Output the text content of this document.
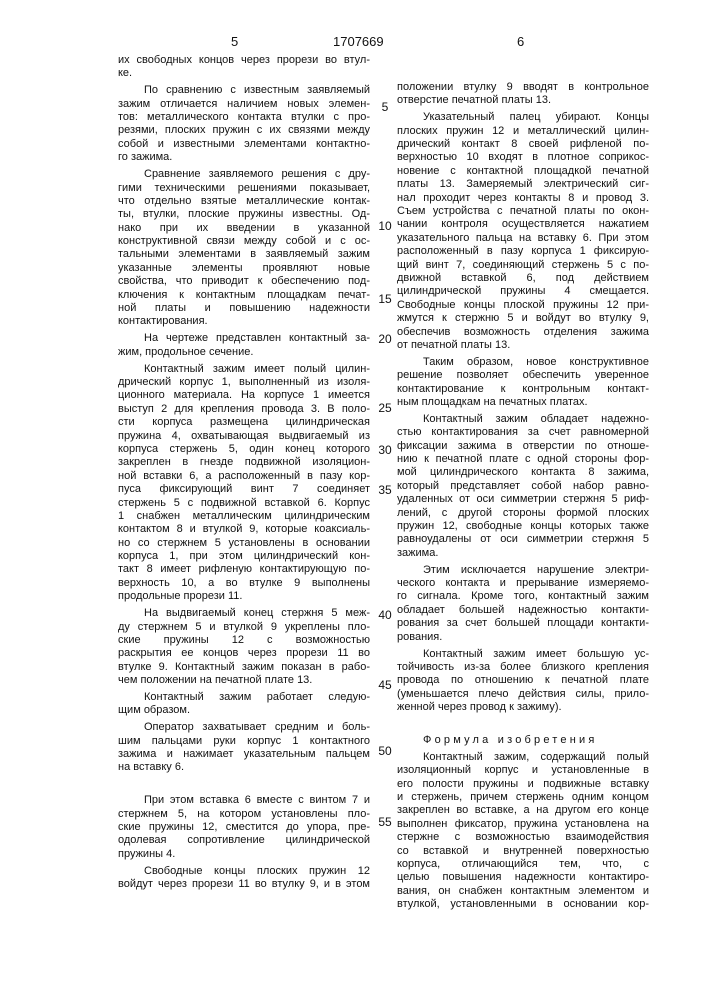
5	1707669	6
их свободных концов через прорези во втул-
ке.
По сравнению с известным заявляемый
зажим отличается наличием новых элемен-
тов: металлического контакта втулки с про-
резями, плоских пружин с их связями между
собой и известными элементами контактно-
го зажима.
Сравнение заявляемого решения с дру-
гими техническими решениями показывает,
что отдельно взятые металлические контак-
ты, втулки, плоские пружины известны. Од-
нако при их введении в указанной
конструктивной связи между собой и с ос-
тальными элементами в заявляемый зажим
указанные элементы проявляют новые
свойства, что приводит к обеспечению под-
ключения к контактным площадкам печат-
ной платы и повышению надежности
контактирования.
На чертеже представлен контактный за-
жим, продольное сечение.
Контактный зажим имеет полый цилин-
дрический корпус 1, выполненный из изоля-
ционного материала. На корпусе 1 имеется
выступ 2 для крепления провода 3. В поло-
сти корпуса размещена цилиндрическая
пружина 4, охватывающая выдвигаемый из
корпуса стержень 5, один конец которого
закреплен в гнезде подвижной изоляцион-
ной вставки 6, а расположенный в пазу кор-
пуса фиксирующий винт 7 соединяет
стержень 5 с подвижной вставкой 6. Корпус
1 снабжен металлическим цилиндрическим
контактом 8 и втулкой 9, которые коаксиаль-
но со стержнем 5 установлены в основании
корпуса 1, при этом цилиндрический кон-
такт 8 имеет рифленую контактирующую по-
верхность 10, а во втулке 9 выполнены
продольные прорези 11.
На выдвигаемый конец стержня 5 меж-
ду стержнем 5 и втулкой 9 укреплены пло-
ские пружины 12 с возможностью
раскрытия ее концов через прорези 11 во
втулке 9. Контактный зажим показан в рабо-
чем положении на печатной плате 13.
Контактный зажим работает следую-
щим образом.
Оператор захватывает средним и боль-
шим пальцами руки корпус 1 контактного
зажима и нажимает указательным пальцем
на вставку 6.
При этом вставка 6 вместе с винтом 7 и
стержнем 5, на котором установлены пло-
ские пружины 12, сместится до упора, пре-
одолевая сопротивление цилиндрической
пружины 4.
Свободные концы плоских пружин 12
войдут через прорези 11 во втулку 9, и в этом
положении втулку 9 вводят в контрольное
отверстие печатной платы 13.
Указательный палец убирают. Концы
плоских пружин 12 и металлический цилин-
дрический контакт 8 своей рифленой по-
верхностью 10 входят в плотное соприкос-
новение с контактной площадкой печатной
платы 13. Замеряемый электрический сиг-
нал проходит через контакты 8 и провод 3.
Съем устройства с печатной платы по окон-
чании контроля осуществляется нажатием
указательного пальца на вставку 6. При этом
расположенный в пазу корпуса 1 фиксирую-
щий винт 7, соединяющий стержень 5 с по-
движной вставкой 6, под действием
цилиндрической пружины 4 смещается.
Свободные концы плоской пружины 12 при-
жмутся к стержню 5 и войдут во втулку 9,
обеспечив возможность отделения зажима
от печатной платы 13.
Таким образом, новое конструктивное
решение позволяет обеспечить уверенное
контактирование к контрольным контакт-
ным площадкам на печатных платах.
Контактный зажим обладает надежно-
стью контактирования за счет равномерной
фиксации зажима в отверстии по отноше-
нию к печатной плате с одной стороны фор-
мой цилиндрического контакта 8 зажима,
который представляет собой набор равно-
удаленных от оси симметрии стержня 5 риф-
лений, с другой стороны формой плоских
пружин 12, свободные концы которых также
равноудалены от оси симметрии стержня 5
зажима.
Этим исключается нарушение электри-
ческого контакта и прерывание измеряемо-
го сигнала. Кроме того, контактный зажим
обладает большей надежностью контакти-
рования за счет большей площади контакти-
рования.
Контактный зажим имеет большую ус-
тойчивость из-за более близкого крепления
провода по отношению к печатной плате
(уменьшается плечо действия силы, прило-
женной через провод к зажиму).
Формула изобретения
Контактный зажим, содержащий полый
изоляционный корпус и установленные в
его полости пружины и подвижные вставку
и стержень, причем стержень одним концом
закреплен во вставке, а на другом его конце
выполнен фиксатор, пружина установлена на
стержне с возможностью взаимодействия
со вставкой и внутренней поверхностью
корпуса, отличающийся тем, что, с
целью повышения надежности контактиро-
вания, он снабжен контактным элементом и
втулкой, установленными в основании кор-
5
10
15
20
25
30
35
40
45
50
55
